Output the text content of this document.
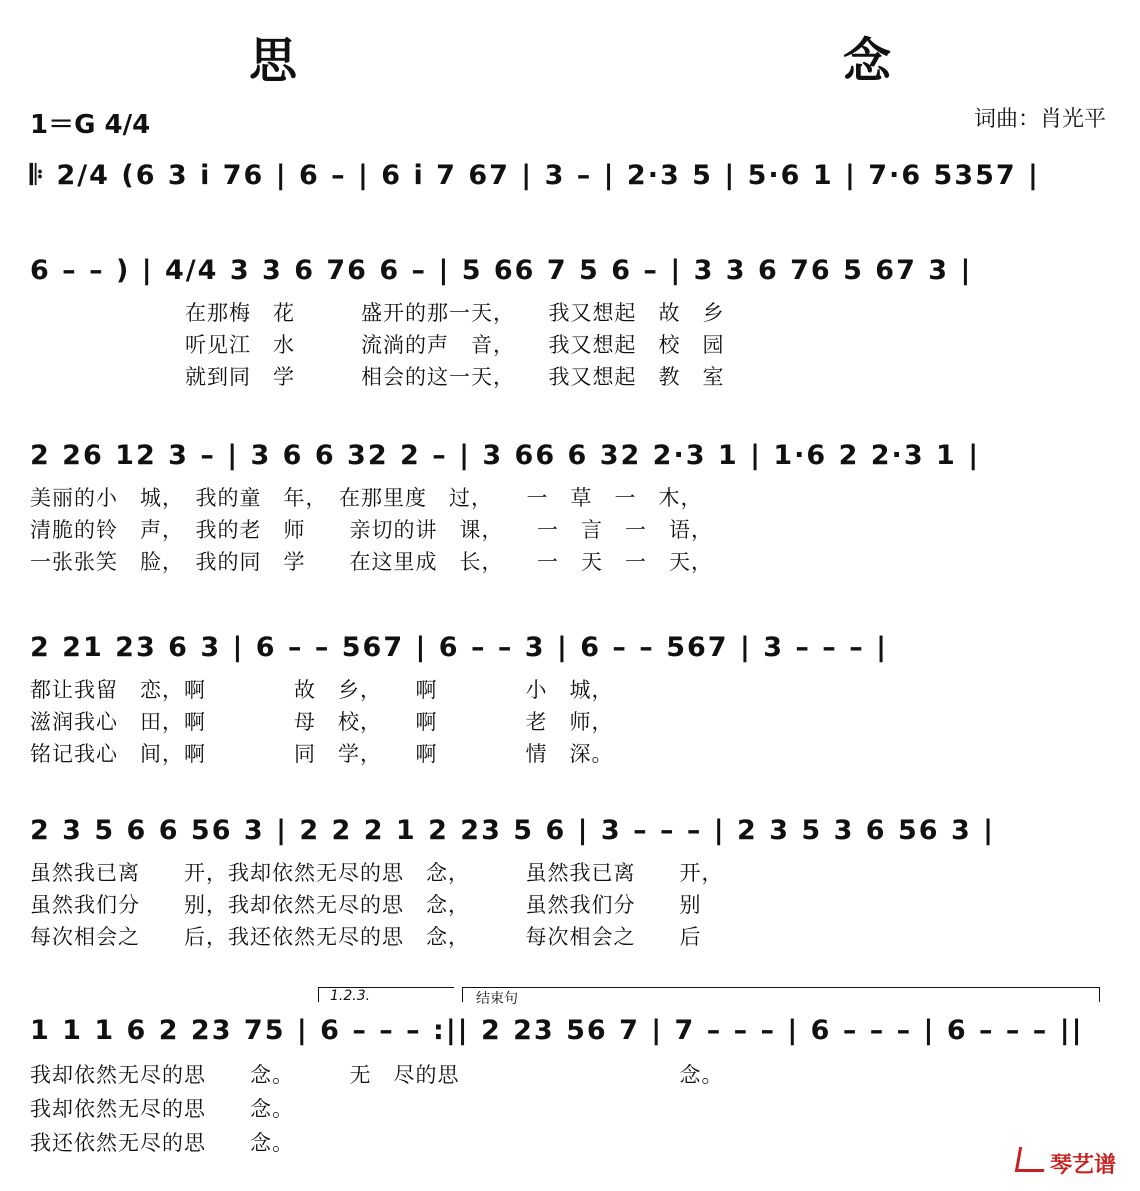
思　　念
1＝G 4/4	词曲：肖光平
𝄆 2/4 (6 3 i 76 | 6 – | 6 i 7 67 | 3 – | 2·3 5 | 5·6 1 | 7·6 5357 |
6 – – ) | 4/4 3 3 6 76 6 – | 5 66 7 5 6 – | 3 3 6 76 5 67 3 |
在那梅　花　　　盛开的那一天，　　我又想起　故　乡
听见江　水　　　流淌的声　音，　　我又想起　校　园
就到同　学　　　相会的这一天，　　我又想起　教　室
2 26 12 3 – | 3 6 6 32 2 – | 3 66 6 32 2·3 1 | 1·6 2 2·3 1 |
美丽的小　城，　我的童　年，　在那里度　过，　　一　草　一　木，
清脆的铃　声，　我的老　师　　亲切的讲　课，　　一　言　一　语，
一张张笑　脸，　我的同　学　　在这里成　长，　　一　天　一　天，
2 21 23 6 3 | 6 – – 567 | 6 – – 3 | 6 – – 567 | 3 – – – |
都让我留　恋，啊　　　　故　乡，　　啊　　　　小　城，
滋润我心　田，啊　　　　母　校，　　啊　　　　老　师，
铭记我心　间，啊　　　　同　学，　　啊　　　　情　深。
2 3 5 6 6 56 3 | 2 2 2 1 2 23 5 6 | 3 – – – | 2 3 5 3 6 56 3 |
虽然我已离　　开，我却依然无尽的思　念，　　　虽然我已离　　开，
虽然我们分　　别，我却依然无尽的思　念，　　　虽然我们分　　别
每次相会之　　后，我还依然无尽的思　念，　　　每次相会之　　后
1.2.3.	结束句
1 1 1 6 2 23 75 | 6 – – – :|| 2 23 56 7 | 7 – – – | 6 – – – | 6 – – – ||
我却依然无尽的思　　念。　　　无　尽的思　　　　　　　　　　念。
我却依然无尽的思　　念。
我还依然无尽的思　　念。
琴艺谱
